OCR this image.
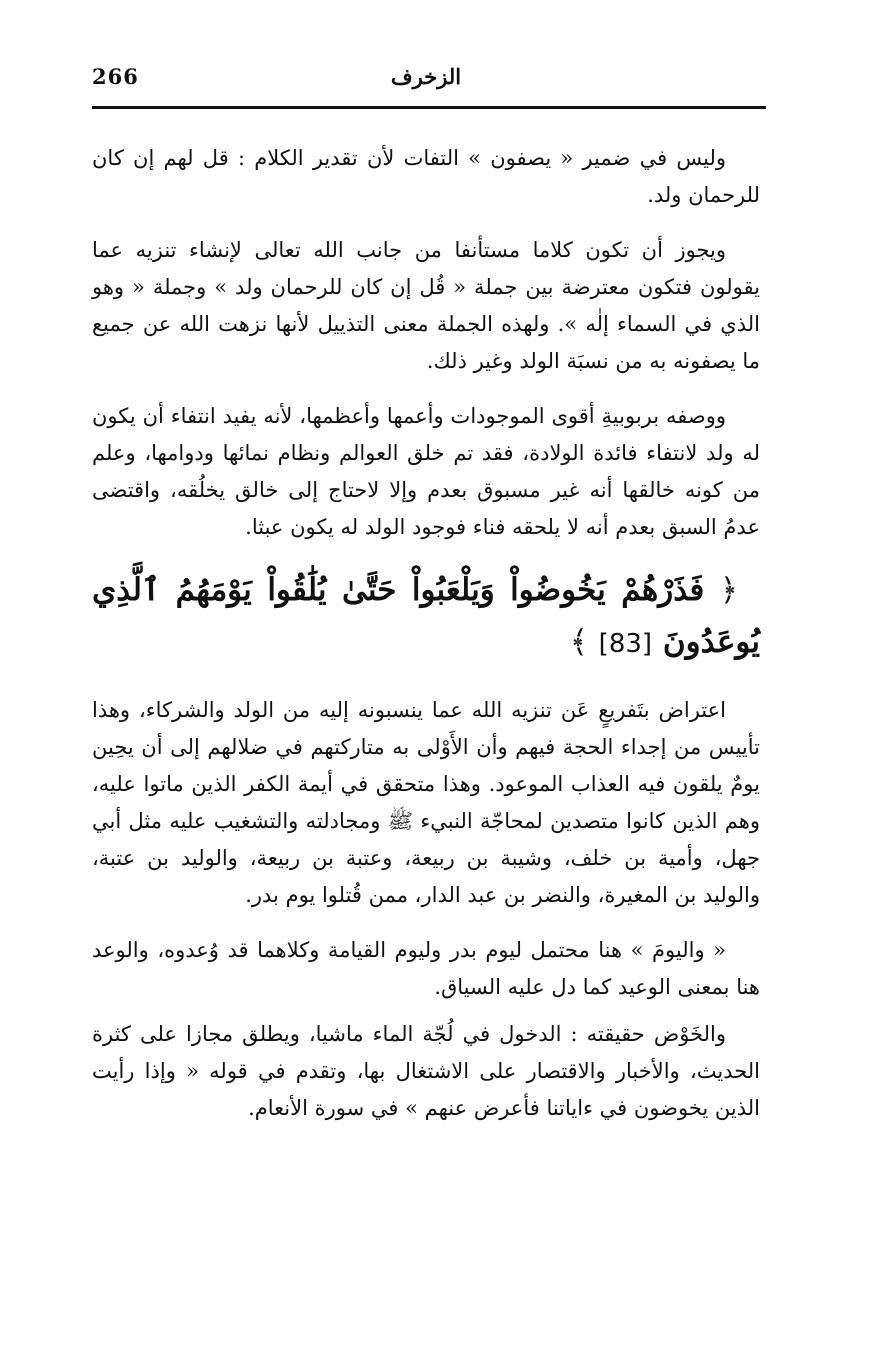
266	الزخرف

وليس في ضمير « يصفون » التفات لأن تقدير الكلام : قل لهم إن كان للرحمان ولد.

ويجوز أن تكون كلاما مستأنفا من جانب الله تعالى لإنشاء تنزيه عما يقولون فتكون معترضة بين جملة « قُل إن كان للرحمان ولد » وجملة « وهو الذي في السماء إلٰه ». ولهذه الجملة معنى التذييل لأنها نزهت الله عن جميع ما يصفونه به من نسبَة الولد وغير ذلك.

ووصفه بربوبيةِ أقوى الموجودات وأعمها وأعظمها، لأنه يفيد انتفاء أن يكون له ولد لانتفاء فائدة الولادة، فقد تم خلق العوالم ونظام نمائها ودوامها، وعلم من كونه خالقها أنه غير مسبوق بعدم وإلا لاحتاج إلى خالق يخلُقه، واقتضى عدمُ السبق بعدم أنه لا يلحقه فناء فوجود الولد له يكون عبثا.

﴿ فَذَرْهُمْ يَخُوضُواْ وَيَلْعَبُواْ حَتَّىٰ يُلَٰقُواْ يَوْمَهُمُ ٱلَّذِي يُوعَدُونَ [83] ﴾

اعتراض بتَفريعٍ عَن تنزيه الله عما ينسبونه إليه من الولد والشركاء، وهذا تأييس من إجداء الحجة فيهم وأن الأَوْلى به متاركتهم في ضلالهم إلى أن يحِين يومٌ يلقون فيه العذاب الموعود. وهذا متحقق في أيمة الكفر الذين ماتوا عليه، وهم الذين كانوا متصدين لمحاجّة النبيء ﷺ ومجادلته والتشغيب عليه مثل أبي جهل، وأمية بن خلف، وشيبة بن ربيعة، وعتبة بن ربيعة، والوليد بن عتبة، والوليد بن المغيرة، والنضر بن عبد الدار، ممن قُتلوا يوم بدر.

« واليومَ » هنا محتمل ليوم بدر وليوم القيامة وكلاهما قد وُعدوه، والوعد هنا بمعنى الوعيد كما دل عليه السياق.

والخَوْض حقيقته : الدخول في لُجّة الماء ماشيا، ويطلق مجازا على كثرة الحديث، والأخبار والاقتصار على الاشتغال بها، وتقدم في قوله « وإذا رأيت الذين يخوضون في ءاياتنا فأعرض عنهم » في سورة الأنعام.
